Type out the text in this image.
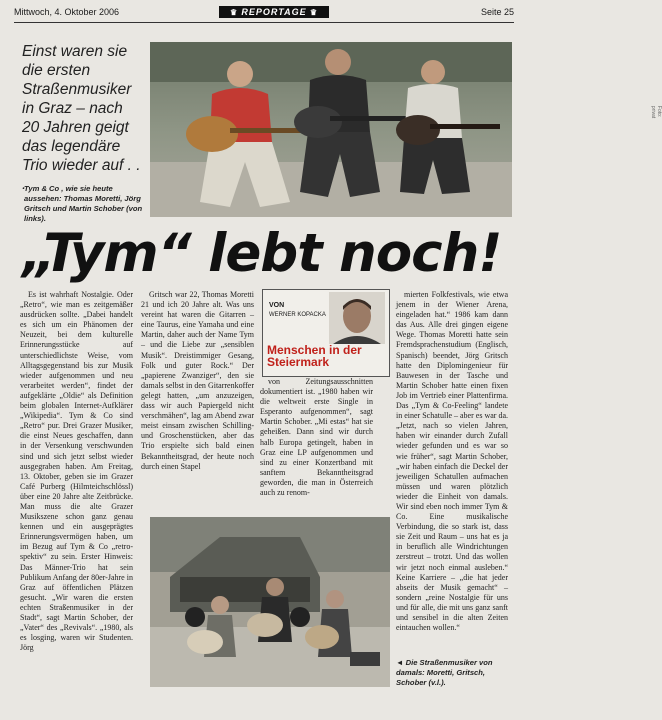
Mittwoch, 4. Oktober 2006	♛ REPORTAGE ♛	Seite 25
Einst waren sie die ersten Straßenmusiker in Graz – nach 20 Jahren geigt das legendäre Trio wieder auf . . .
Tym & Co , wie sie heute aussehen: Thomas Moretti, Jörg Gritsch und Martin Schober (von links).
Foto: privat
„Tym“ lebt noch!

Es ist wahrhaft Nostalgie. Oder „Retro“, wie man es zeitgemäßer ausdrücken sollte. „Dabei handelt es sich um ein Phänomen der Neuzeit, bei dem kulturelle Erinnerungsstücke auf unterschiedlichste Weise, vom Alltagsgegenstand bis zur Musik wieder aufgenommen und neu verarbeitet werden“, findet der aufgeklärte „Oldie“ als Definition beim globalen Internet-Aufklärer „Wikipedia“. Tym & Co sind „Retro“ pur. Drei Grazer Musiker, die einst Neues geschaffen, dann in der Versenkung verschwunden sind und sich jetzt selbst wieder ausgegraben haben. Am Freitag, 13. Oktober, geben sie im Grazer Café Purberg (Hilmteichschlössl) über eine 20 Jahre alte Zeitbrücke. Man muss die alte Grazer Musikszene schon ganz genau kennen und ein ausgeprägtes Erinnerungsvermögen haben, um im Bezug auf Tym & Co „retro-spektiv“ zu sein. Erster Hinweis: Das Männer-Trio hat sein Publikum Anfang der 80er-Jahre in Graz auf öffentlichen Plätzen gesucht. „Wir waren die ersten echten Straßenmusiker in der Stadt“, sagt Martin Schober, der „Vater“ des „Revivals“. „1980, als es losging, waren wir Studenten. Jörg

Gritsch war 22, Thomas Moretti 21 und ich 20 Jahre alt. Was uns vereint hat waren die Gitarren – eine Taurus, eine Yamaha und eine Martin, daher auch der Name Tym – und die Liebe zur „sensiblen Musik“. Dreistimmiger Gesang, Folk und guter Rock.“ Der „papierene Zwanziger“, den sie damals selbst in den Gitarrenkoffer gelegt hatten, „um anzuzeigen, dass wir auch Papiergeld nicht verschmähen“, lag am Abend zwar meist einsam zwischen Schilling- und Groschenstücken, aber das Trio erspielte sich bald einen Bekanntheitsgrad, der heute noch durch einen Stapel

VON
WERNER KOPACKA
Menschen in der Steiermark

von Zeitungsausschnitten dokumentiert ist. „1980 haben wir die weltweit erste Single in Esperanto aufgenommen“, sagt Martin Schober. „Mi estas“ hat sie geheißen. Dann sind wir durch halb Europa getingelt, haben in Graz eine LP aufgenommen und sind zu einer Konzertband mit sanftem Bekanntheitsgrad geworden, die man in Österreich auch zu renom-

mierten Folkfestivals, wie etwa jenem in der Wiener Arena, eingeladen hat.“ 1986 kam dann das Aus. Alle drei gingen eigene Wege. Thomas Moretti hatte sein Fremdsprachenstudium (Englisch, Spanisch) beendet, Jörg Gritsch hatte den Diplomingenieur für Bauwesen in der Tasche und Martin Schober hatte einen fixen Job im Vertrieb einer Plattenfirma. Das „Tym & Co-Feeling“ landete in einer Schatulle – aber es war da. „Jetzt, nach so vielen Jahren, haben wir einander durch Zufall wieder gefunden und es war so wie früher“, sagt Martin Schober, „wir haben einfach die Deckel der jeweiligen Schatullen aufmachen müssen und waren plötzlich wieder die Einheit von damals. Wir sind eben noch immer Tym & Co. Eine musikalische Verbindung, die so stark ist, dass sie Zeit und Raum – uns hat es ja in beruflich alle Windrichtungen zerstreut – trotzt. Und das wollen wir jetzt noch einmal ausleben.“ Keine Karriere – „die hat jeder abseits der Musik gemacht“ – sondern „reine Nostalgie für uns und für alle, die mit uns ganz sanft und sensibel in die alten Zeiten eintauchen wollen.“

◄ Die Straßenmusiker von damals: Moretti, Gritsch, Schober (v.l.).
